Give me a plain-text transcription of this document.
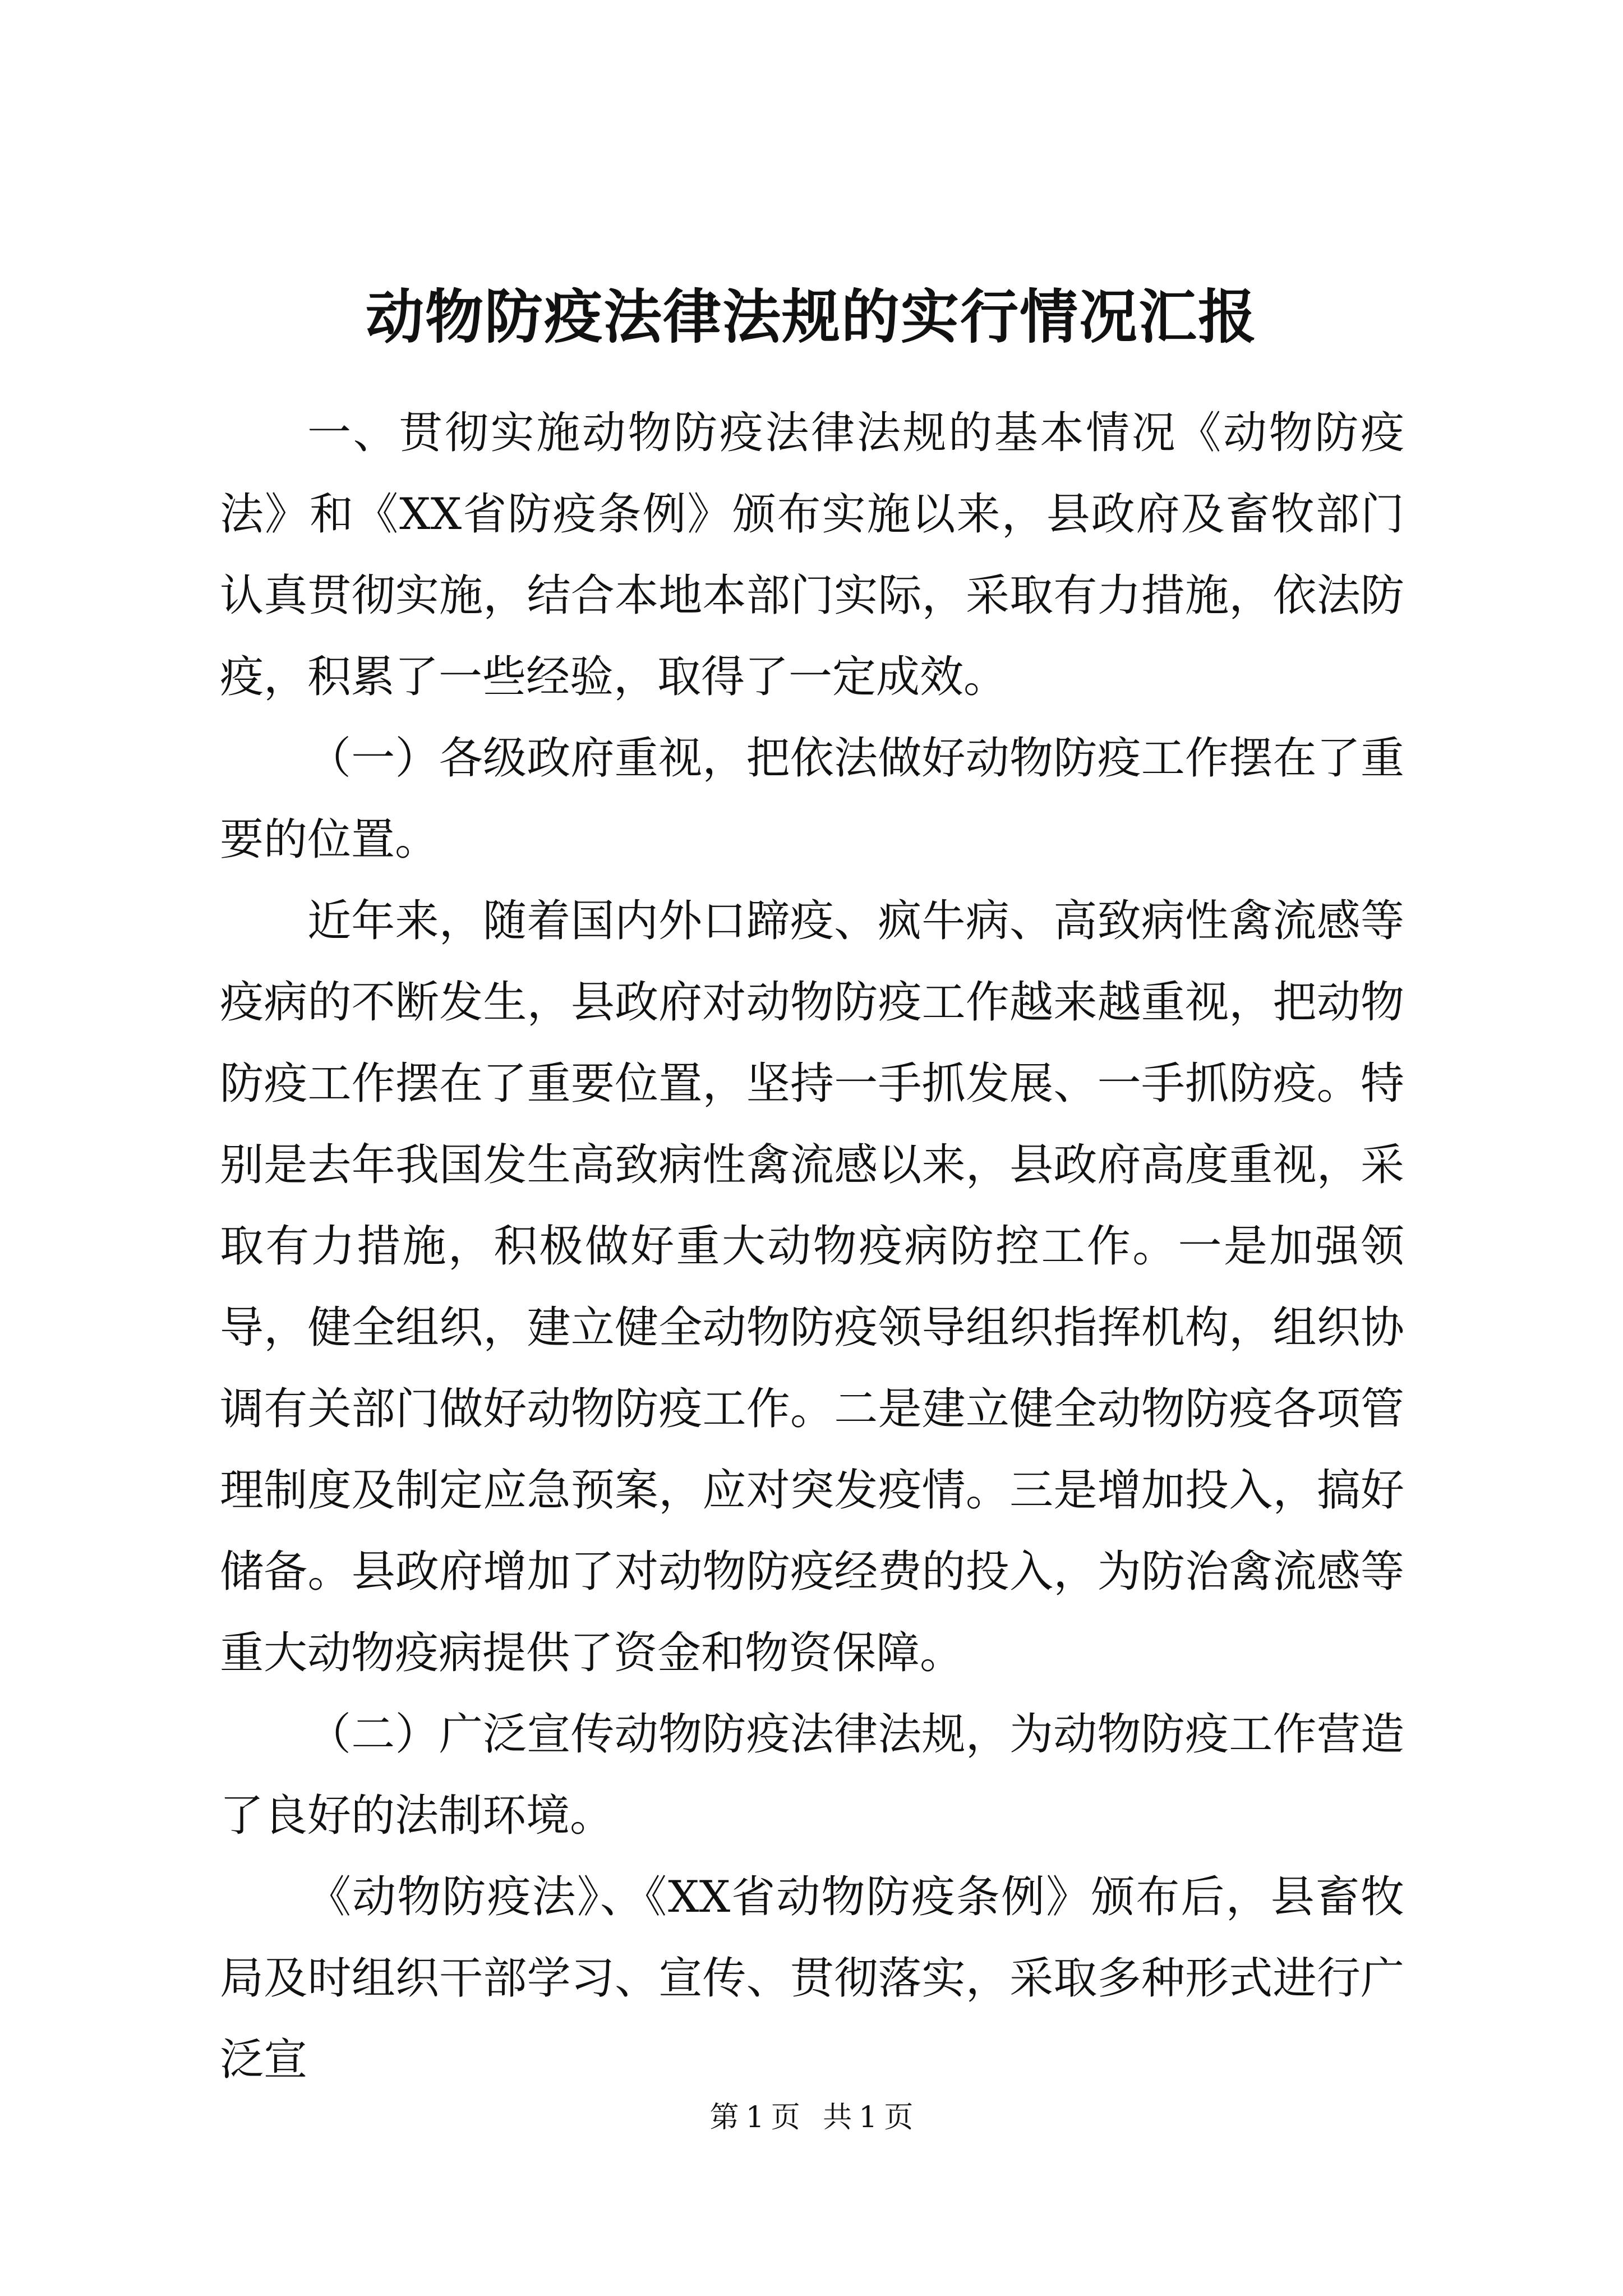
动物防疫法律法规的实行情况汇报

一、贯彻实施动物防疫法律法规的基本情况《动物防疫法》和《XX省防疫条例》颁布实施以来，县政府及畜牧部门认真贯彻实施，结合本地本部门实际，采取有力措施，依法防疫，积累了一些经验，取得了一定成效。

（一）各级政府重视，把依法做好动物防疫工作摆在了重要的位置。

近年来，随着国内外口蹄疫、疯牛病、高致病性禽流感等疫病的不断发生，县政府对动物防疫工作越来越重视，把动物防疫工作摆在了重要位置，坚持一手抓发展、一手抓防疫。特别是去年我国发生高致病性禽流感以来，县政府高度重视，采取有力措施，积极做好重大动物疫病防控工作。一是加强领导，健全组织，建立健全动物防疫领导组织指挥机构，组织协调有关部门做好动物防疫工作。二是建立健全动物防疫各项管理制度及制定应急预案，应对突发疫情。三是增加投入，搞好储备。县政府增加了对动物防疫经费的投入，为防治禽流感等重大动物疫病提供了资金和物资保障。

（二）广泛宣传动物防疫法律法规，为动物防疫工作营造了良好的法制环境。

《动物防疫法》、《XX省动物防疫条例》颁布后，县畜牧局及时组织干部学习、宣传、贯彻落实，采取多种形式进行广泛宣

第 1 页 共 1 页
